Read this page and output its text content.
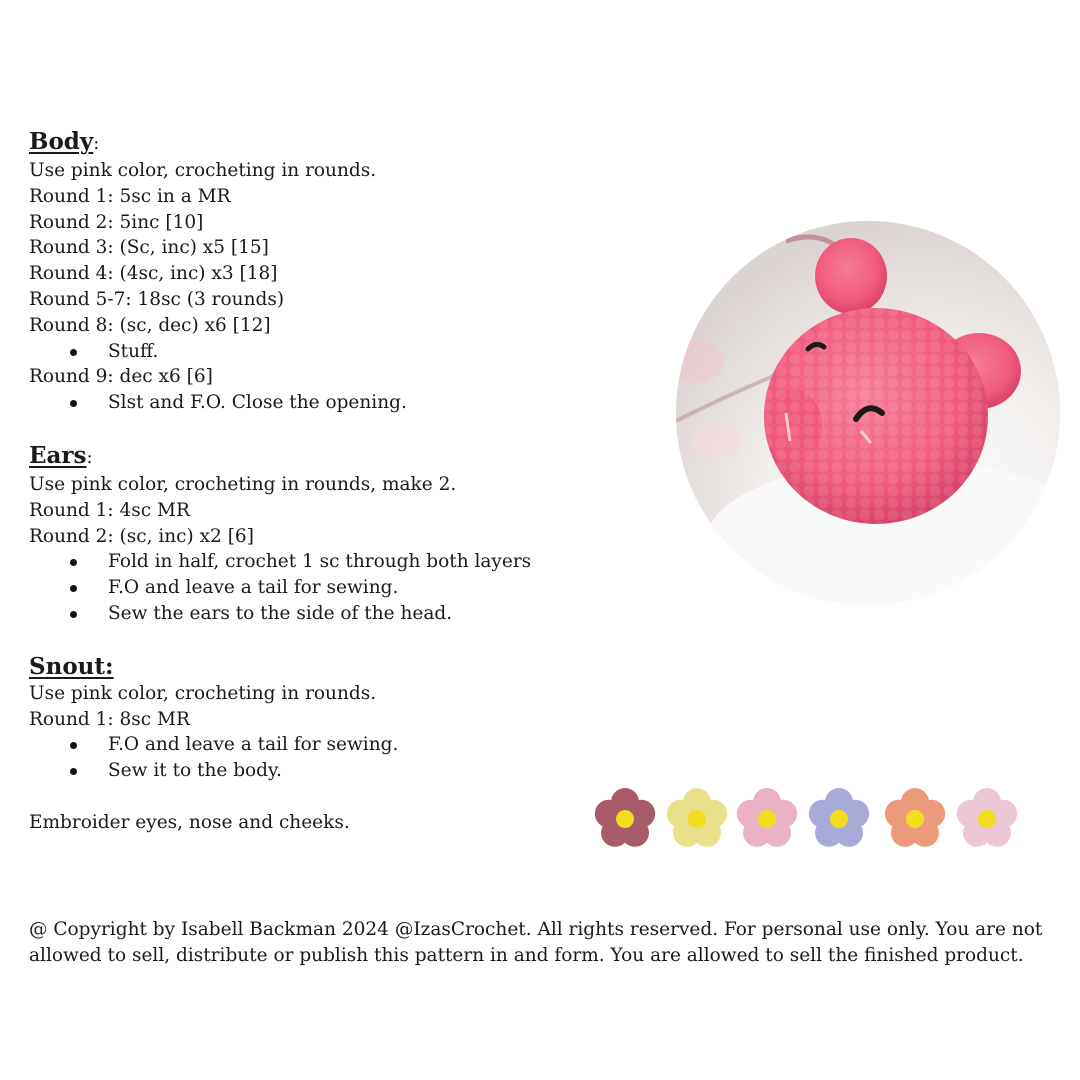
Body:
Use pink color, crocheting in rounds.
Round 1: 5sc in a MR
Round 2: 5inc [10]
Round 3: (Sc, inc) x5 [15]
Round 4: (4sc, inc) x3 [18]
Round 5-7: 18sc (3 rounds)
Round 8: (sc, dec) x6 [12]
Stuff.
Round 9: dec x6 [6]
Slst and F.O. Close the opening.
Ears:
Use pink color, crocheting in rounds, make 2.
Round 1: 4sc MR
Round 2: (sc, inc) x2 [6]
Fold in half, crochet 1 sc through both layers
F.O and leave a tail for sewing.
Sew the ears to the side of the head.
Snout:
Use pink color, crocheting in rounds.
Round 1: 8sc MR
F.O and leave a tail for sewing.
Sew it to the body.
Embroider eyes, nose and cheeks.
@ Copyright by Isabell Backman 2024 @IzasCrochet. All rights reserved. For personal use only. You are not
allowed to sell, distribute or publish this pattern in and form. You are allowed to sell the finished product.
